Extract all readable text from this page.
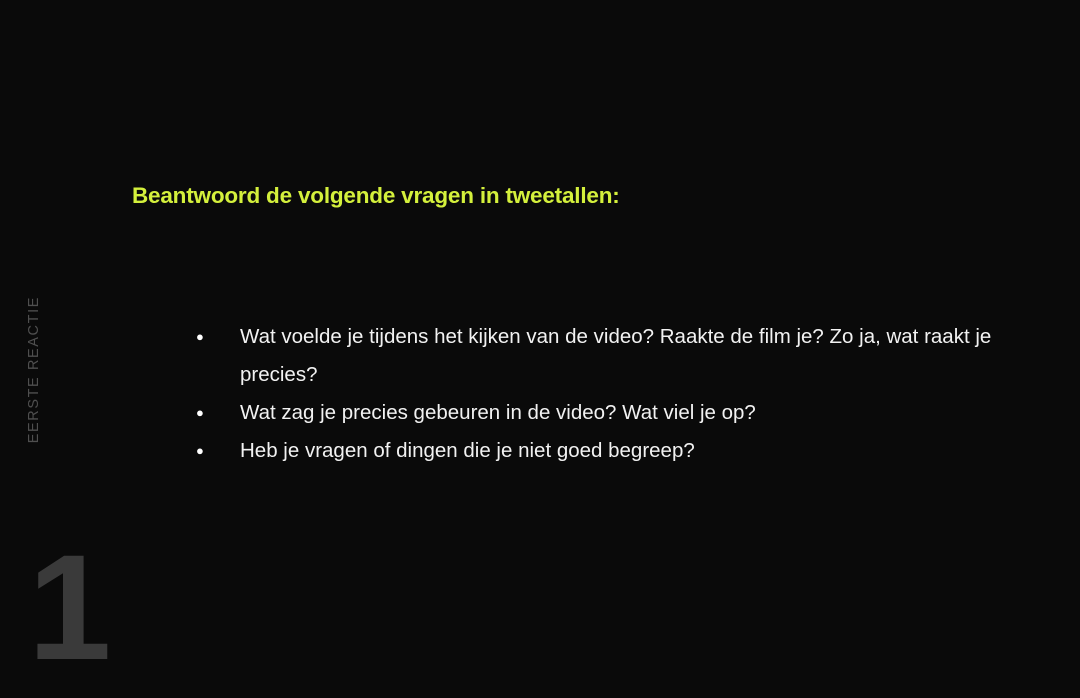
EERSTE REACTIE
1
Beantwoord de volgende vragen in tweetallen:
●	Wat voelde je tijdens het kijken van de video? Raakte de film je? Zo ja, wat raakt je precies?
●	Wat zag je precies gebeuren in de video? Wat viel je op?
●	Heb je vragen of dingen die je niet goed begreep?
